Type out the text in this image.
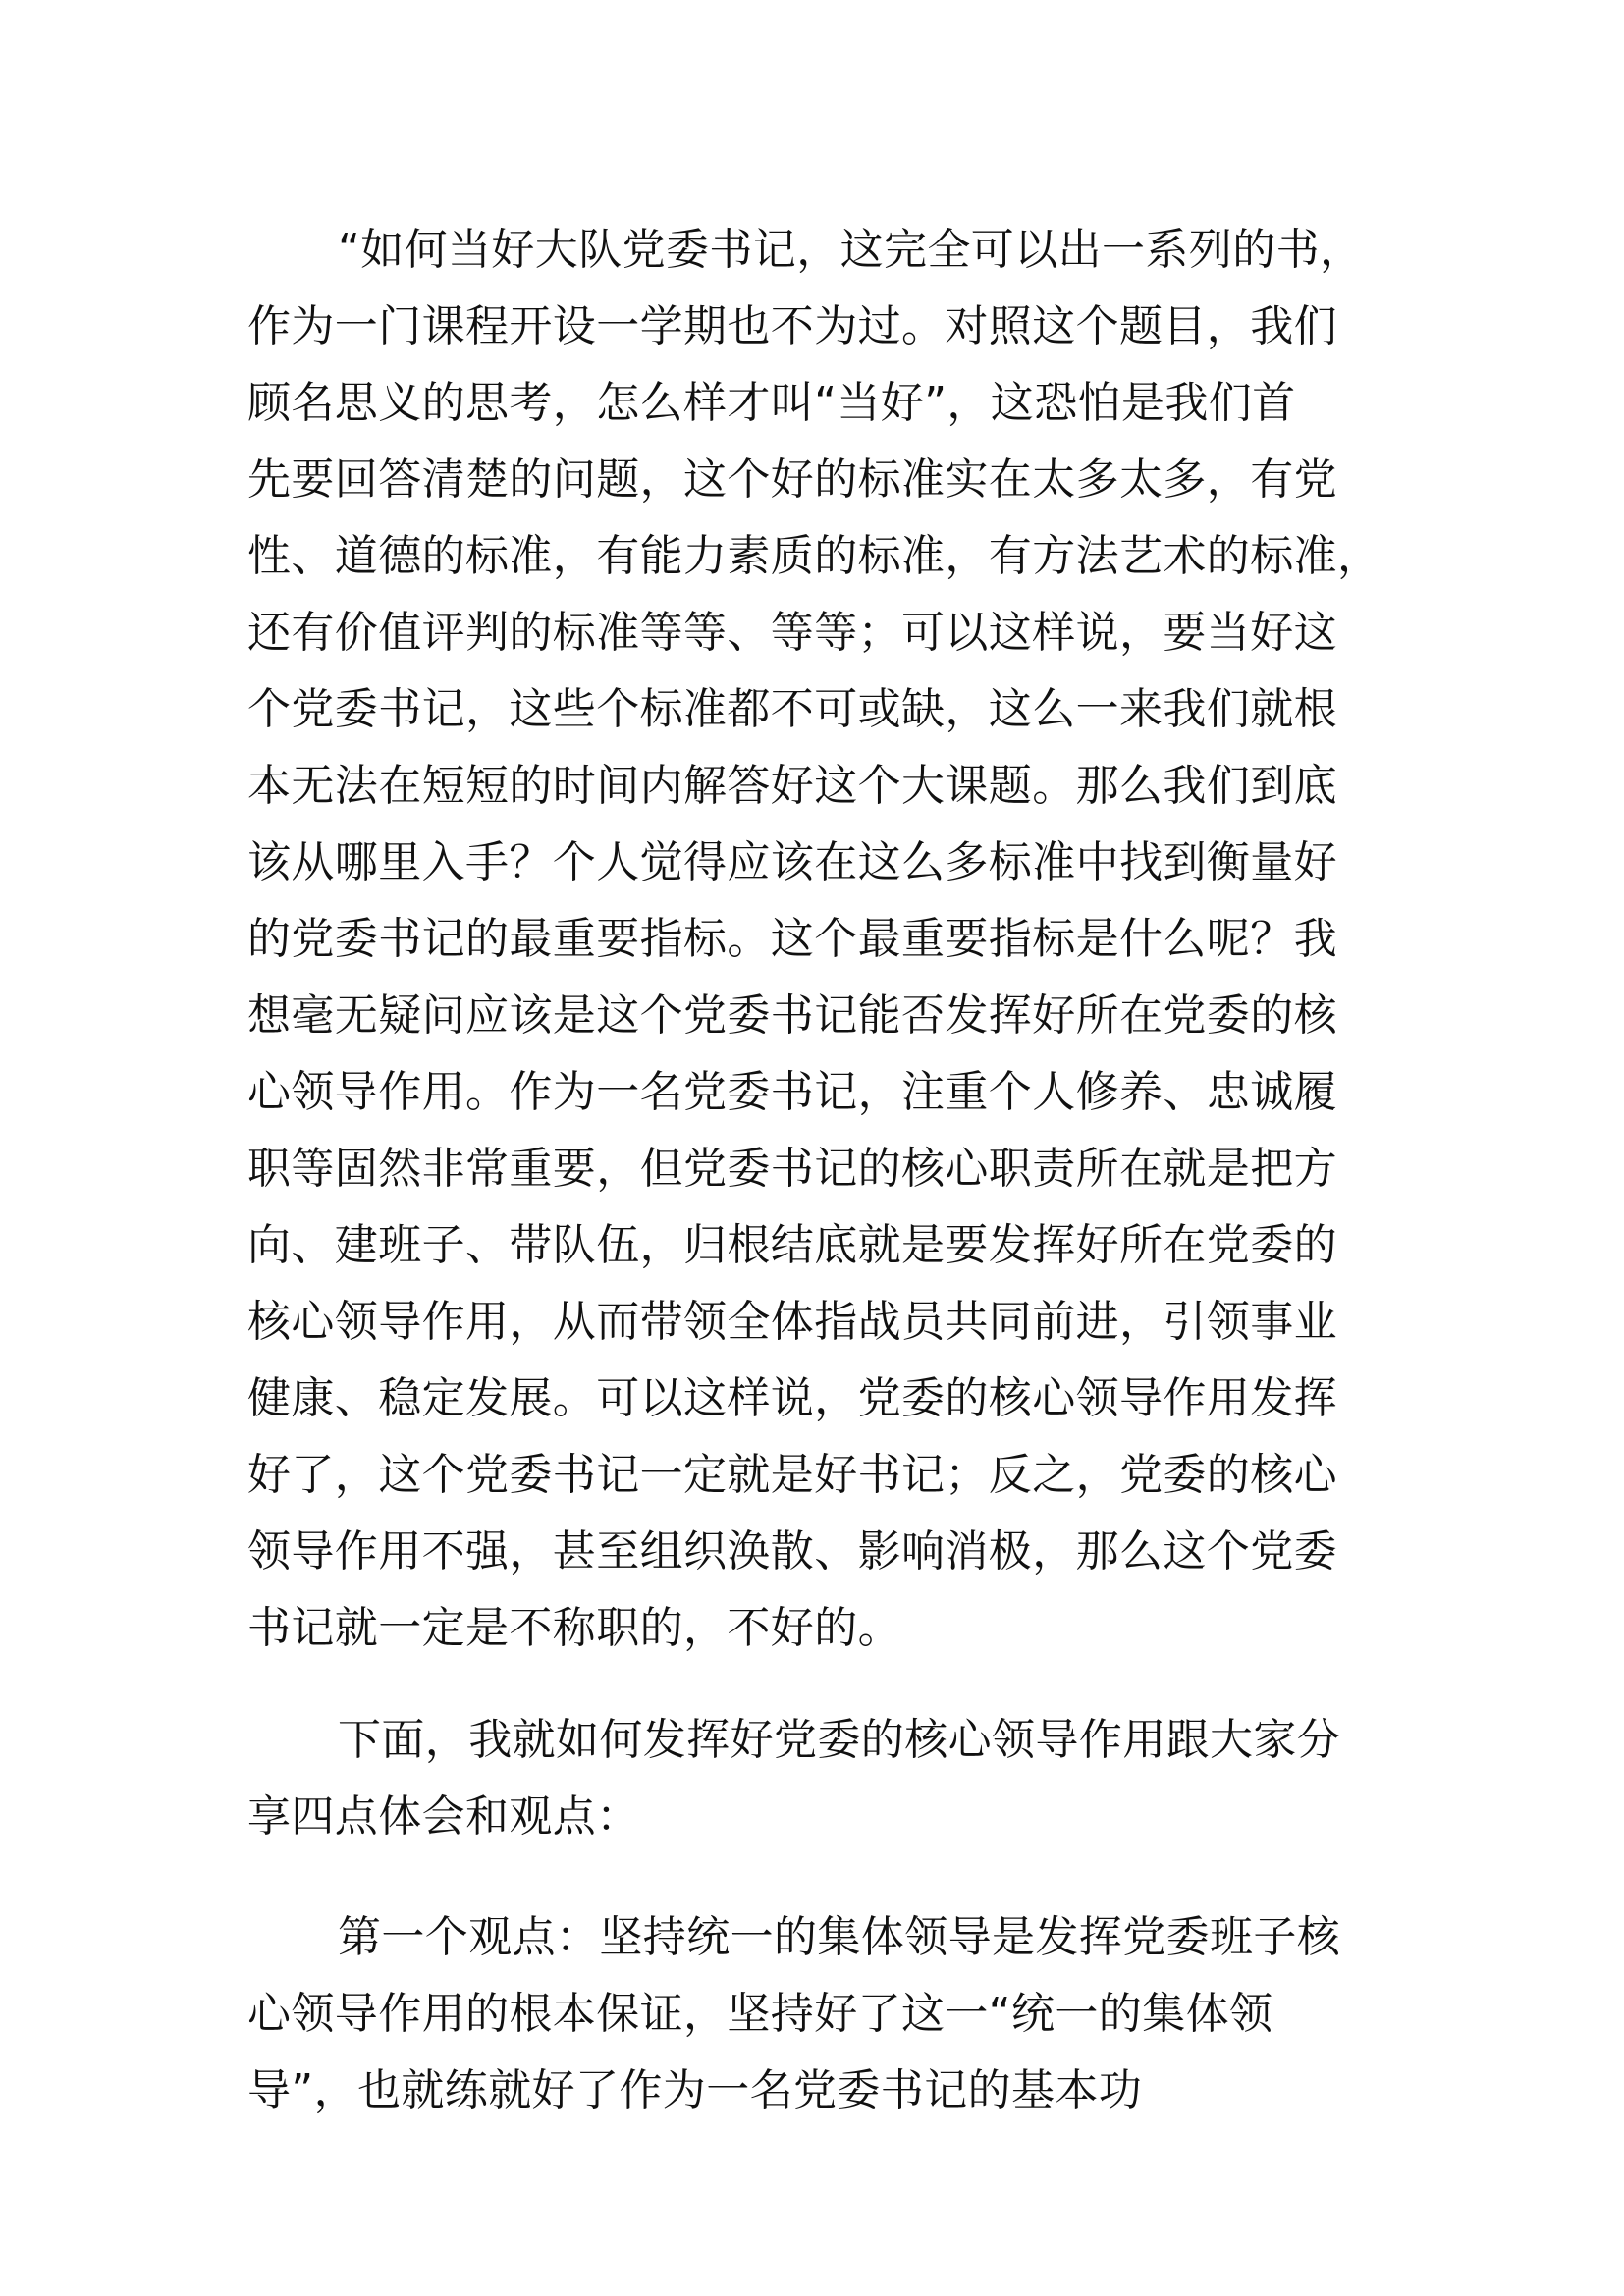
“如何当好大队党委书记，这完全可以出一系列的书，
作为一门课程开设一学期也不为过。对照这个题目，我们
顾名思义的思考，怎么样才叫“当好”，这恐怕是我们首
先要回答清楚的问题，这个好的标准实在太多太多，有党
性、道德的标准，有能力素质的标准，有方法艺术的标准，
还有价值评判的标准等等、等等；可以这样说，要当好这
个党委书记，这些个标准都不可或缺，这么一来我们就根
本无法在短短的时间内解答好这个大课题。那么我们到底
该从哪里入手？个人觉得应该在这么多标准中找到衡量好
的党委书记的最重要指标。这个最重要指标是什么呢？我
想毫无疑问应该是这个党委书记能否发挥好所在党委的核
心领导作用。作为一名党委书记，注重个人修养、忠诚履
职等固然非常重要，但党委书记的核心职责所在就是把方
向、建班子、带队伍，归根结底就是要发挥好所在党委的
核心领导作用，从而带领全体指战员共同前进，引领事业
健康、稳定发展。可以这样说，党委的核心领导作用发挥
好了，这个党委书记一定就是好书记；反之，党委的核心
领导作用不强，甚至组织涣散、影响消极，那么这个党委
书记就一定是不称职的，不好的。
下面，我就如何发挥好党委的核心领导作用跟大家分
享四点体会和观点：
第一个观点：坚持统一的集体领导是发挥党委班子核
心领导作用的根本保证，坚持好了这一“统一的集体领
导”，也就练就好了作为一名党委书记的基本功
